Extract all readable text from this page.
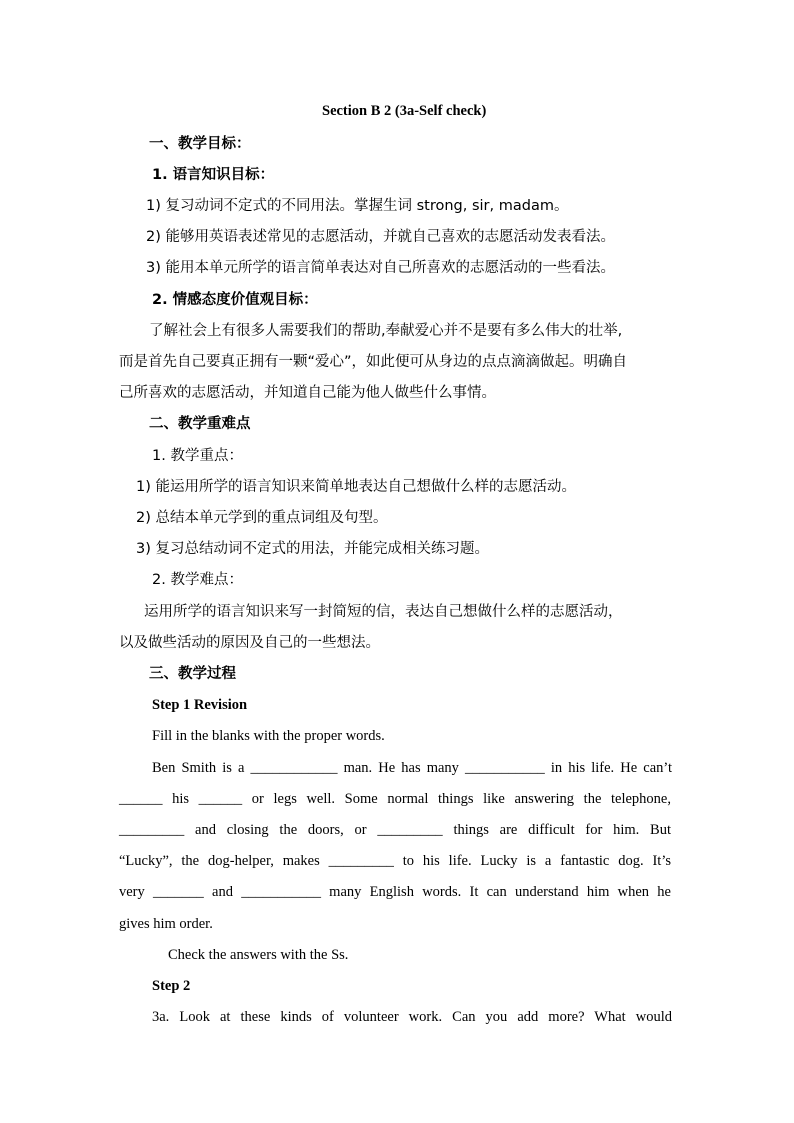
Section B 2 (3a-Self check)
一、教学目标：
1. 语言知识目标：
1) 复习动词不定式的不同用法。掌握生词 strong, sir, madam。
2) 能够用英语表述常见的志愿活动，并就自己喜欢的志愿活动发表看法。
3) 能用本单元所学的语言简单表达对自己所喜欢的志愿活动的一些看法。
2. 情感态度价值观目标：
了解社会上有很多人需要我们的帮助,奉献爱心并不是要有多么伟大的壮举,
而是首先自己要真正拥有一颗“爱心”，如此便可从身边的点点滴滴做起。明确自
己所喜欢的志愿活动，并知道自己能为他人做些什么事情。
二、教学重难点
1. 教学重点：
1) 能运用所学的语言知识来简单地表达自己想做什么样的志愿活动。
2) 总结本单元学到的重点词组及句型。
3) 复习总结动词不定式的用法，并能完成相关练习题。
2. 教学难点：
运用所学的语言知识来写一封简短的信，表达自己想做什么样的志愿活动，
以及做些活动的原因及自己的一些想法。
三、教学过程
Step 1 Revision
Fill in the blanks with the proper words.
Ben Smith is a ____________ man. He has many ___________ in his life. He can’t
______ his ______ or legs well. Some normal things like answering the telephone,
_________ and closing the doors, or _________ things are difficult for him. But
“Lucky”, the dog-helper, makes _________ to his life. Lucky is a fantastic dog. It’s
very _______ and ___________ many English words. It can understand him when he
gives him order.
Check the answers with the Ss.
Step 2
3a. Look at these kinds of volunteer work. Can you add more? What would
